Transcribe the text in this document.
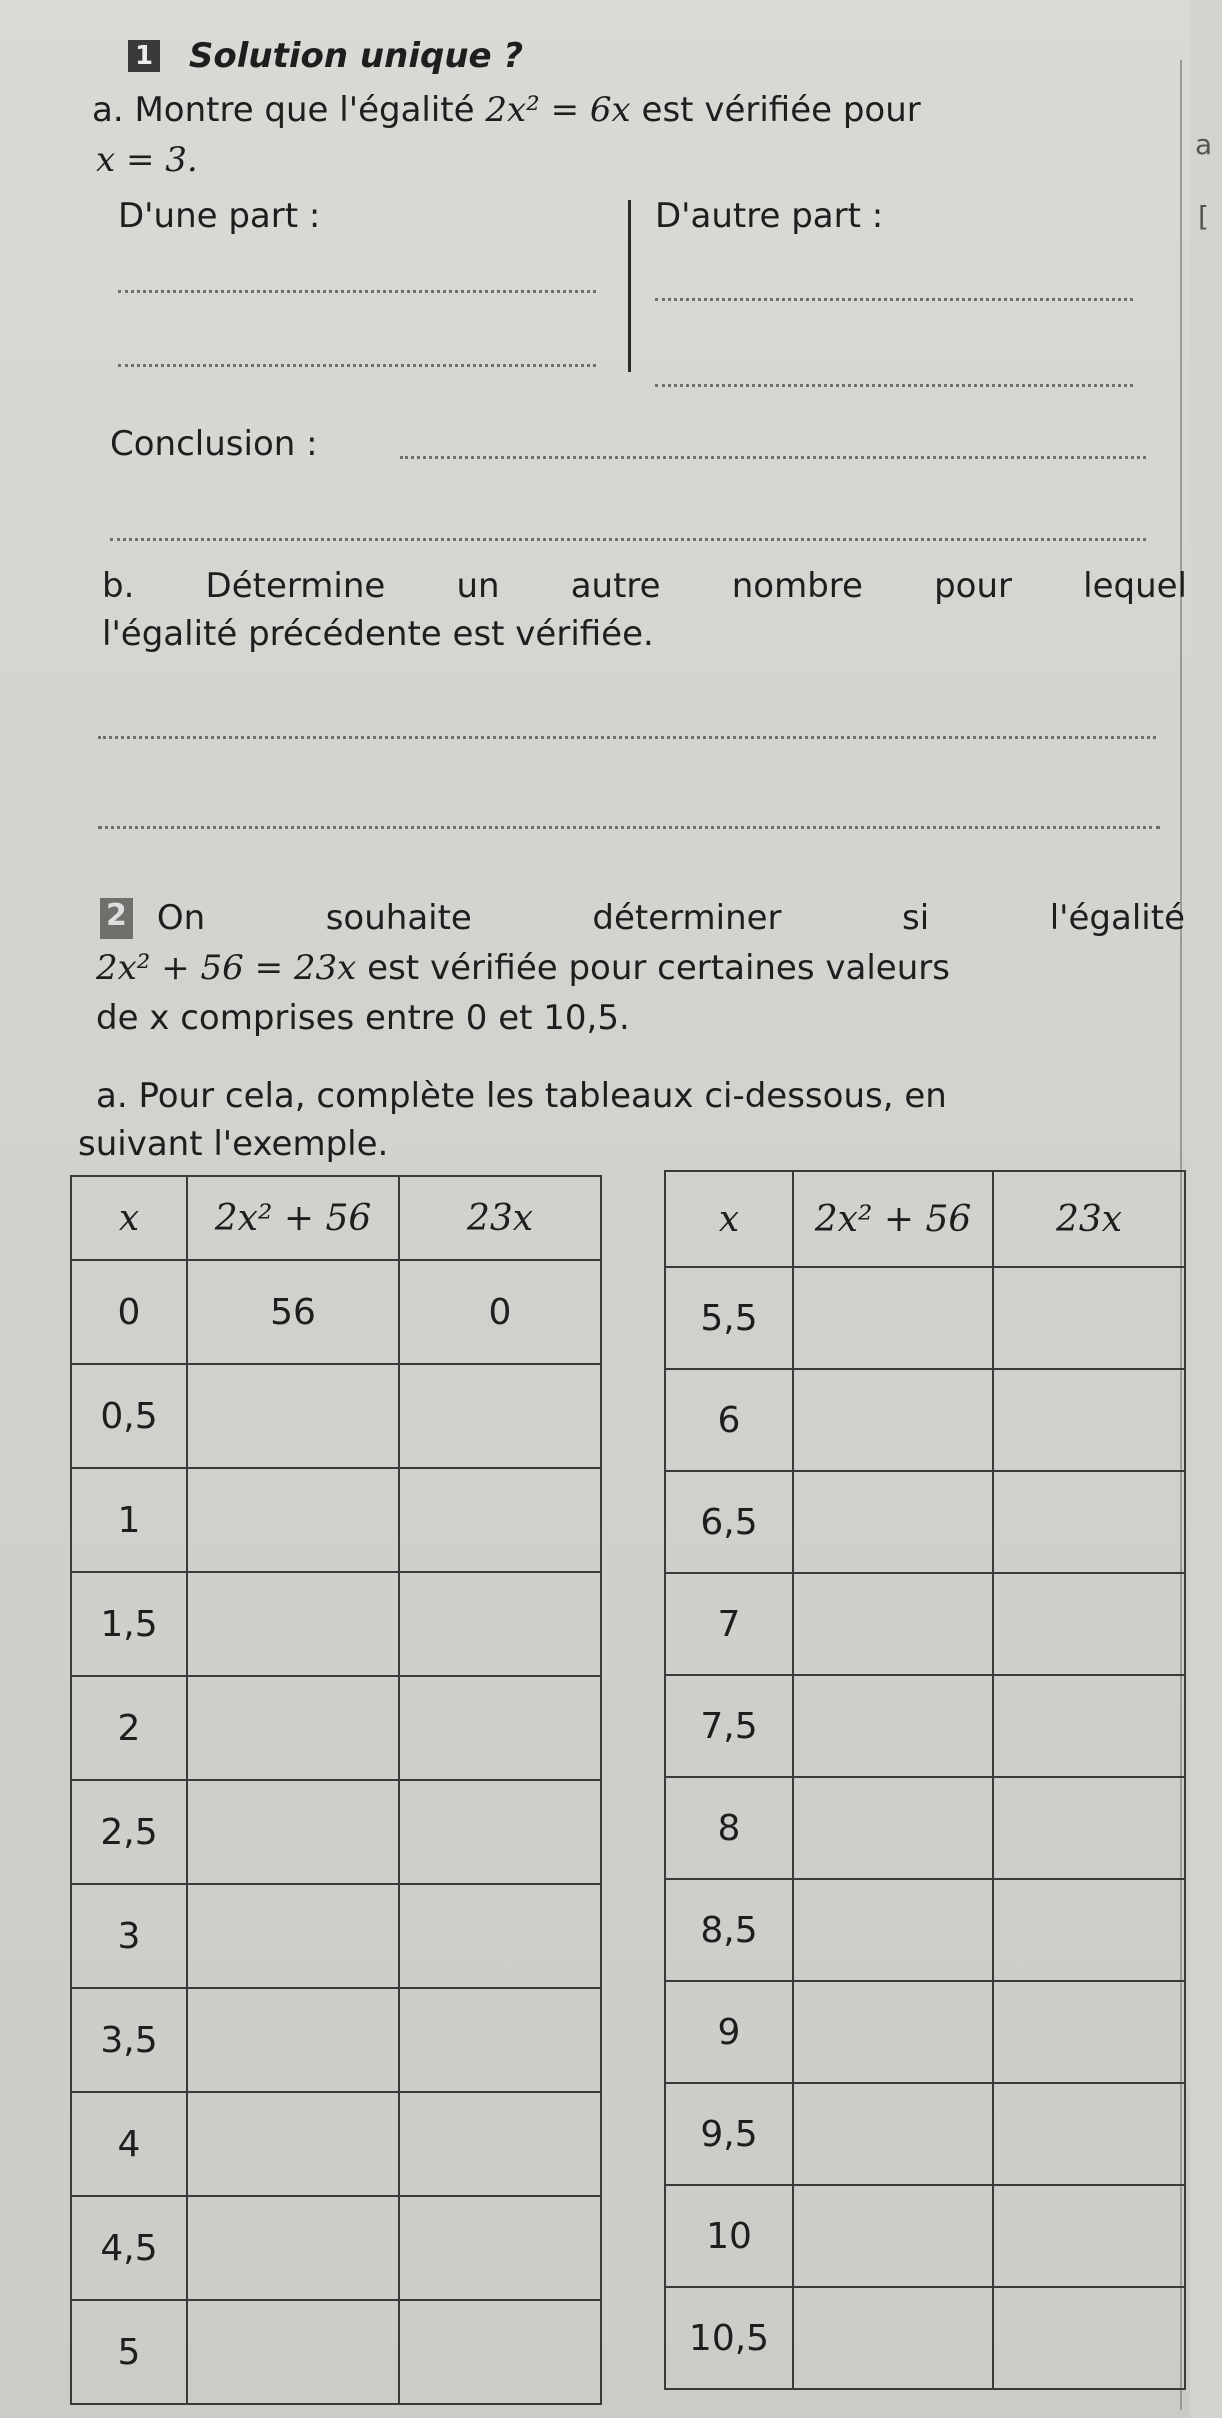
a
[
1 Solution unique ?
a. Montre que l'égalité 2x² = 6x est vérifiée pour
x = 3.
D'une part :	D'autre part :
Conclusion :
b. Détermine un autre nombre pour lequel
l'égalité précédente est vérifiée.
2 On souhaite déterminer si l'égalité
2x² + 56 = 23x est vérifiée pour certaines valeurs
de x comprises entre 0 et 10,5.
a. Pour cela, complète les tableaux ci-dessous, en
suivant l'exemple.
x	2x² + 56	23x
0	56	0
0,5		
1		
1,5		
2		
2,5		
3		
3,5		
4		
4,5		
5		
x	2x² + 56	23x
5,5		
6		
6,5		
7		
7,5		
8		
8,5		
9		
9,5		
10		
10,5		
